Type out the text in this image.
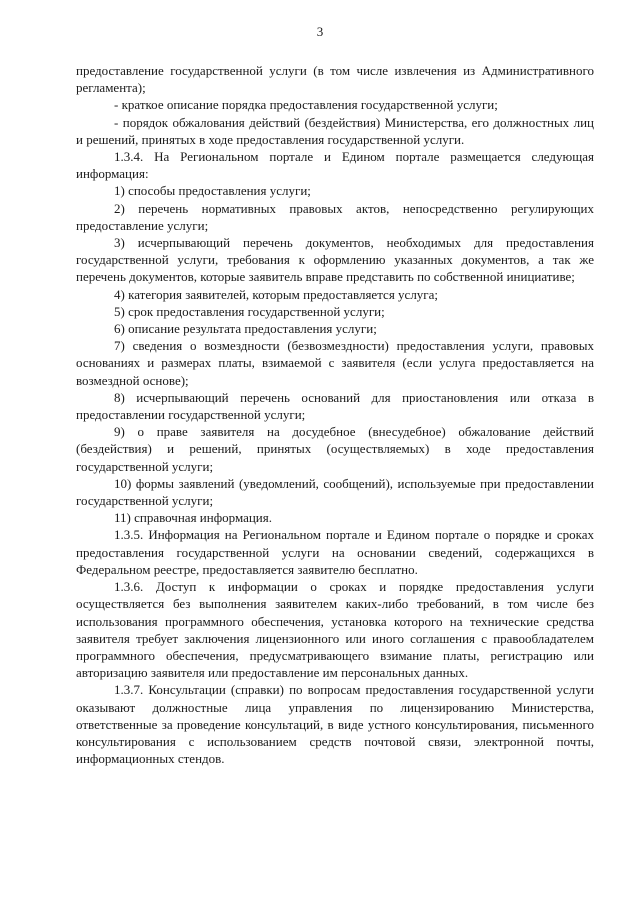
3

предоставление государственной услуги (в том числе извлечения из Административного регламента);

- краткое описание порядка предоставления государственной услуги;

- порядок обжалования действий (бездействия) Министерства, его должностных лиц и решений, принятых в ходе предоставления государственной услуги.

1.3.4. На Региональном портале и Едином портале размещается следующая информация:

1) способы предоставления услуги;

2) перечень нормативных правовых актов, непосредственно регулирующих предоставление услуги;

3) исчерпывающий перечень документов, необходимых для предоставления государственной услуги, требования к оформлению указанных документов, а так же перечень документов, которые заявитель вправе представить по собственной инициативе;

4) категория заявителей, которым предоставляется услуга;

5) срок предоставления государственной услуги;

6) описание результата предоставления услуги;

7) сведения о возмездности (безвозмездности) предоставления услуги, правовых основаниях и размерах платы, взимаемой с заявителя (если услуга предоставляется на возмездной основе);

8) исчерпывающий перечень оснований для приостановления или отказа в предоставлении государственной услуги;

9) о праве заявителя на досудебное (внесудебное) обжалование действий (бездействия) и решений, принятых (осуществляемых) в ходе предоставления государственной услуги;

10) формы заявлений (уведомлений, сообщений), используемые при предоставлении государственной услуги;

11) справочная информация.

1.3.5. Информация на Региональном портале и Едином портале о порядке и сроках предоставления государственной услуги на основании сведений, содержащихся в Федеральном реестре, предоставляется заявителю бесплатно.

1.3.6. Доступ к информации о сроках и порядке предоставления услуги осуществляется без выполнения заявителем каких-либо требований, в том числе без использования программного обеспечения, установка которого на технические средства заявителя требует заключения лицензионного или иного соглашения с правообладателем программного обеспечения, предусматривающего взимание платы, регистрацию или авторизацию заявителя или предоставление им персональных данных.

1.3.7. Консультации (справки) по вопросам предоставления государственной услуги оказывают должностные лица управления по лицензированию Министерства, ответственные за проведение консультаций, в виде устного консультирования, письменного консультирования с использованием средств почтовой связи, электронной почты, информационных стендов.
